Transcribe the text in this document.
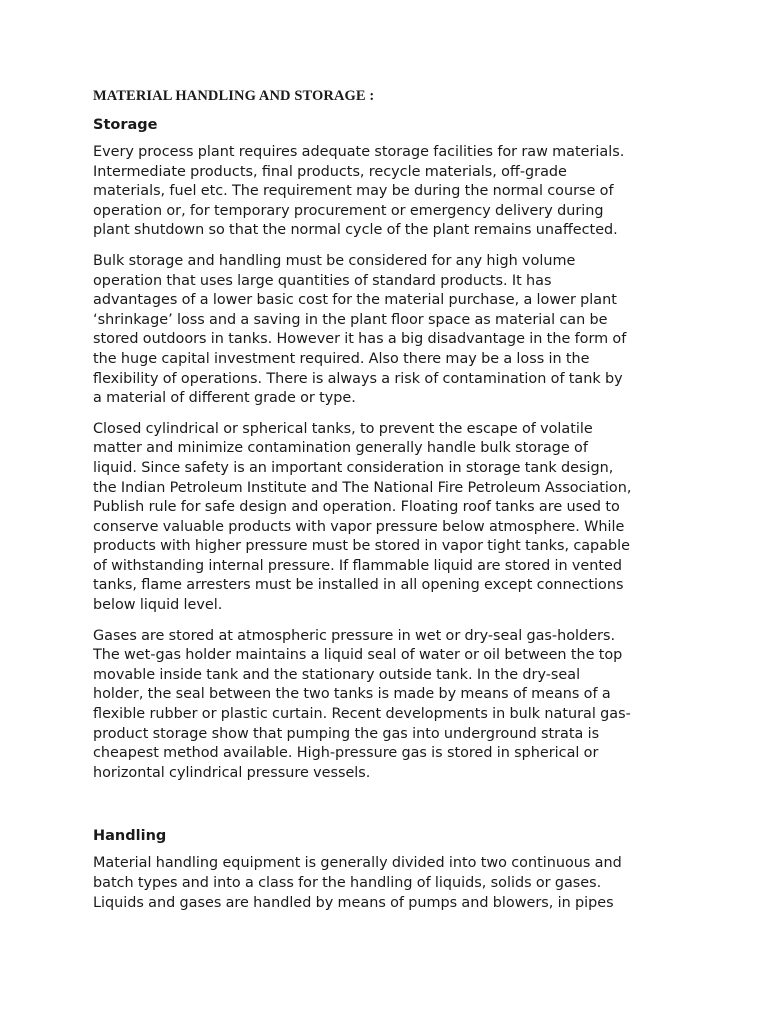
MATERIAL HANDLING AND STORAGE :
Storage
Every process plant requires adequate storage facilities for raw materials.
Intermediate products, final products, recycle materials, off-grade
materials, fuel etc. The requirement may be during the normal course of
operation or, for temporary procurement or emergency delivery during
plant shutdown so that the normal cycle of the plant remains unaffected.
Bulk storage and handling must be considered for any high volume
operation that uses large quantities of standard products. It has
advantages of a lower basic cost for the material purchase, a lower plant
‘shrinkage’ loss and a saving in the plant floor space as material can be
stored outdoors in tanks. However it has a big disadvantage in the form of
the huge capital investment required. Also there may be a loss in the
flexibility of operations. There is always a risk of contamination of tank by
a material of different grade or type.
Closed cylindrical or spherical tanks, to prevent the escape of volatile
matter and minimize contamination generally handle bulk storage of
liquid. Since safety is an important consideration in storage tank design,
the Indian Petroleum Institute and The National Fire Petroleum Association,
Publish rule for safe design and operation. Floating roof tanks are used to
conserve valuable products with vapor pressure below atmosphere. While
products with higher pressure must be stored in vapor tight tanks, capable
of withstanding internal pressure. If flammable liquid are stored in vented
tanks, flame arresters must be installed in all opening except connections
below liquid level.
Gases are stored at atmospheric pressure in wet or dry-seal gas-holders.
The wet-gas holder maintains a liquid seal of water or oil between the top
movable inside tank and the stationary outside tank. In the dry-seal
holder, the seal between the two tanks is made by means of means of a
flexible rubber or plastic curtain. Recent developments in bulk natural gas-
product storage show that pumping the gas into underground strata is
cheapest method available. High-pressure gas is stored in spherical or
horizontal cylindrical pressure vessels.
Handling
Material handling equipment is generally divided into two continuous and
batch types and into a class for the handling of liquids, solids or gases.
Liquids and gases are handled by means of pumps and blowers, in pipes
